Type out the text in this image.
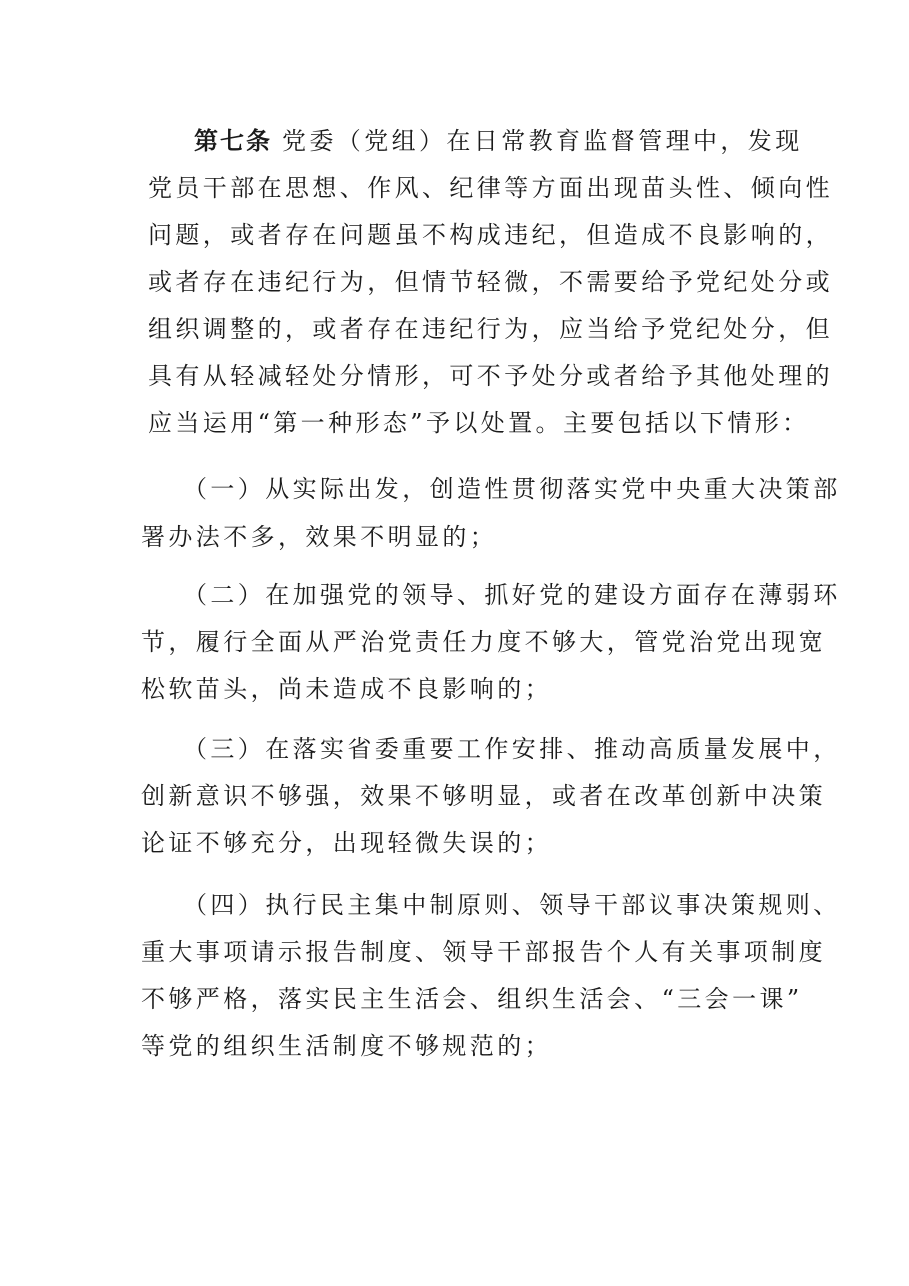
第七条 党委（党组）在日常教育监督管理中，发现
党员干部在思想、作风、纪律等方面出现苗头性、倾向性
问题，或者存在问题虽不构成违纪，但造成不良影响的，
或者存在违纪行为，但情节轻微，不需要给予党纪处分或
组织调整的，或者存在违纪行为，应当给予党纪处分，但
具有从轻减轻处分情形，可不予处分或者给予其他处理的
应当运用“第一种形态”予以处置。主要包括以下情形：
（一）从实际出发，创造性贯彻落实党中央重大决策部
署办法不多，效果不明显的；
（二）在加强党的领导、抓好党的建设方面存在薄弱环
节，履行全面从严治党责任力度不够大，管党治党出现宽
松软苗头，尚未造成不良影响的；
（三）在落实省委重要工作安排、推动高质量发展中，
创新意识不够强，效果不够明显，或者在改革创新中决策
论证不够充分，出现轻微失误的；
（四）执行民主集中制原则、领导干部议事决策规则、
重大事项请示报告制度、领导干部报告个人有关事项制度
不够严格，落实民主生活会、组织生活会、“三会一课”
等党的组织生活制度不够规范的；
